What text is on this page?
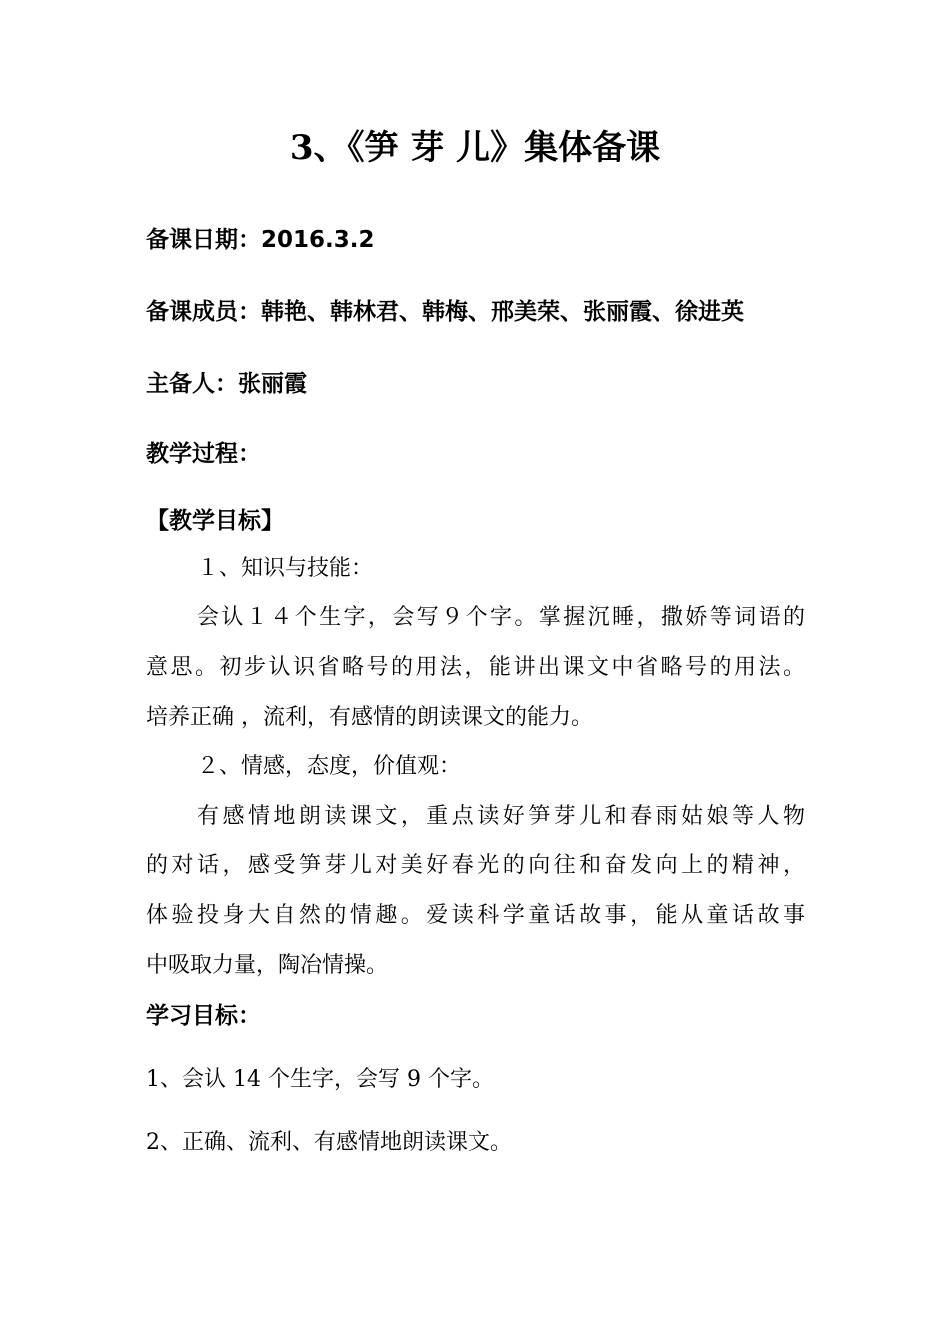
3、《笋 芽 儿》集体备课
备课日期：2016.3.2
备课成员：韩艳、韩林君、韩梅、邢美荣、张丽霞、徐进英
主备人：张丽霞
教学过程：
【教学目标】
１、知识与技能：
会认１４个生字，会写９个字。掌握沉睡，撒娇等词语的
意思。初步认识省略号的用法，能讲出课文中省略号的用法。
培养正确 ，流利，有感情的朗读课文的能力。
２、情感，态度，价值观：
有感情地朗读课文，重点读好笋芽儿和春雨姑娘等人物
的对话，感受笋芽儿对美好春光的向往和奋发向上的精神，
体验投身大自然的情趣。爱读科学童话故事，能从童话故事
中吸取力量，陶冶情操。
学习目标：
1、会认 14 个生字，会写 9 个字。
2、正确、流利、有感情地朗读课文。
